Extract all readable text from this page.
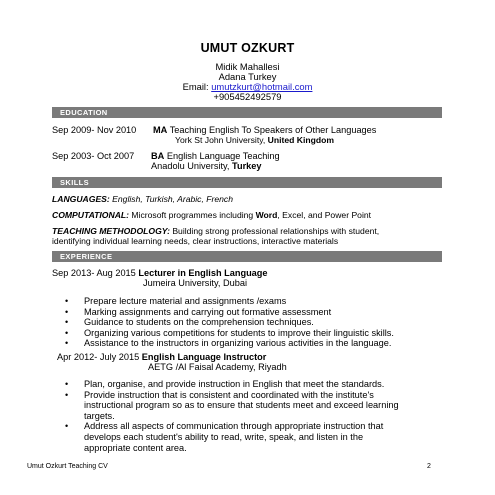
UMUT OZKURT
Midik Mahallesi
Adana Turkey
Email: umutzkurt@hotmail.com
+905452492579
EDUCATION
Sep 2009- Nov 2010 MA Teaching English To Speakers of Other Languages
York St John University, United Kingdom
Sep 2003- Oct 2007 BA English Language Teaching
Anadolu University, Turkey
SKILLS
LANGUAGES: English, Turkish, Arabic, French
COMPUTATIONAL: Microsoft programmes including Word, Excel, and Power Point
TEACHING METHODOLOGY: Building strong professional relationships with student,
identifying individual learning needs, clear instructions, interactive materials
EXPERIENCE
Sep 2013- Aug 2015 Lecturer in English Language
Jumeira University, Dubai
• Prepare lecture material and assignments /exams
• Marking assignments and carrying out formative assessment
• Guidance to students on the comprehension techniques.
• Organizing various competitions for students to improve their linguistic skills.
• Assistance to the instructors in organizing various activities in the language.
Apr 2012- July 2015 English Language Instructor
AETG /Al Faisal Academy, Riyadh
• Plan, organise, and provide instruction in English that meet the standards.
• Provide instruction that is consistent and coordinated with the institute's instructional program so as to ensure that students meet and exceed learning targets.
• Address all aspects of communication through appropriate instruction that develops each student's ability to read, write, speak, and listen in the appropriate content area.
Umut Ozkurt Teaching CV	2
